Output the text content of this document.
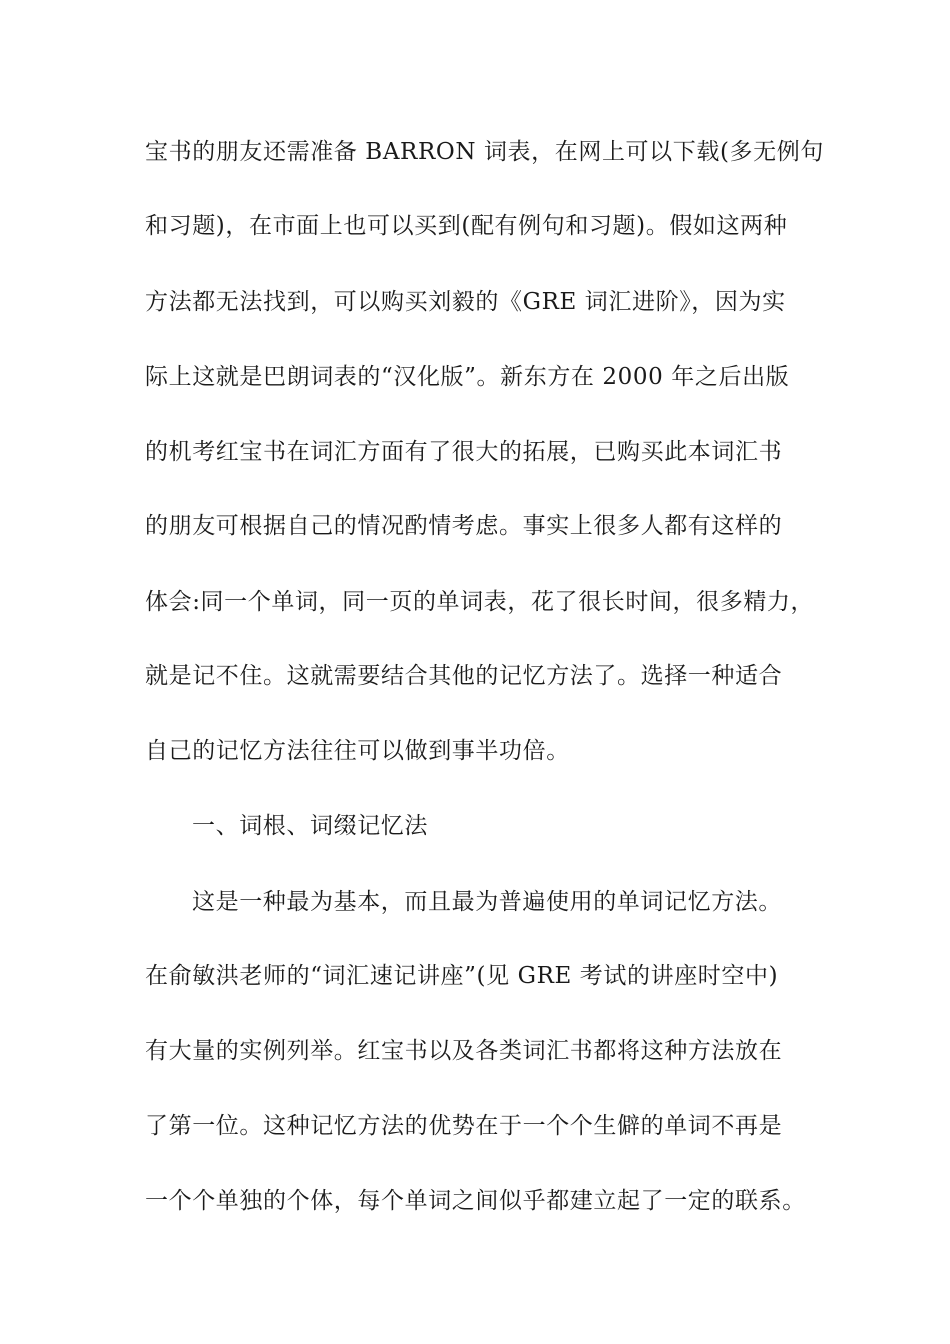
宝书的朋友还需准备 BARRON 词表，在网上可以下载(多无例句
和习题)，在市面上也可以买到(配有例句和习题)。假如这两种
方法都无法找到，可以购买刘毅的《GRE 词汇进阶》，因为实
际上这就是巴朗词表的“汉化版”。新东方在 2000 年之后出版
的机考红宝书在词汇方面有了很大的拓展，已购买此本词汇书
的朋友可根据自己的情况酌情考虑。事实上很多人都有这样的
体会:同一个单词，同一页的单词表，花了很长时间，很多精力，
就是记不住。这就需要结合其他的记忆方法了。选择一种适合
自己的记忆方法往往可以做到事半功倍。
一、词根、词缀记忆法
这是一种最为基本，而且最为普遍使用的单词记忆方法。
在俞敏洪老师的“词汇速记讲座”(见 GRE 考试的讲座时空中)
有大量的实例列举。红宝书以及各类词汇书都将这种方法放在
了第一位。这种记忆方法的优势在于一个个生僻的单词不再是
一个个单独的个体，每个单词之间似乎都建立起了一定的联系。
